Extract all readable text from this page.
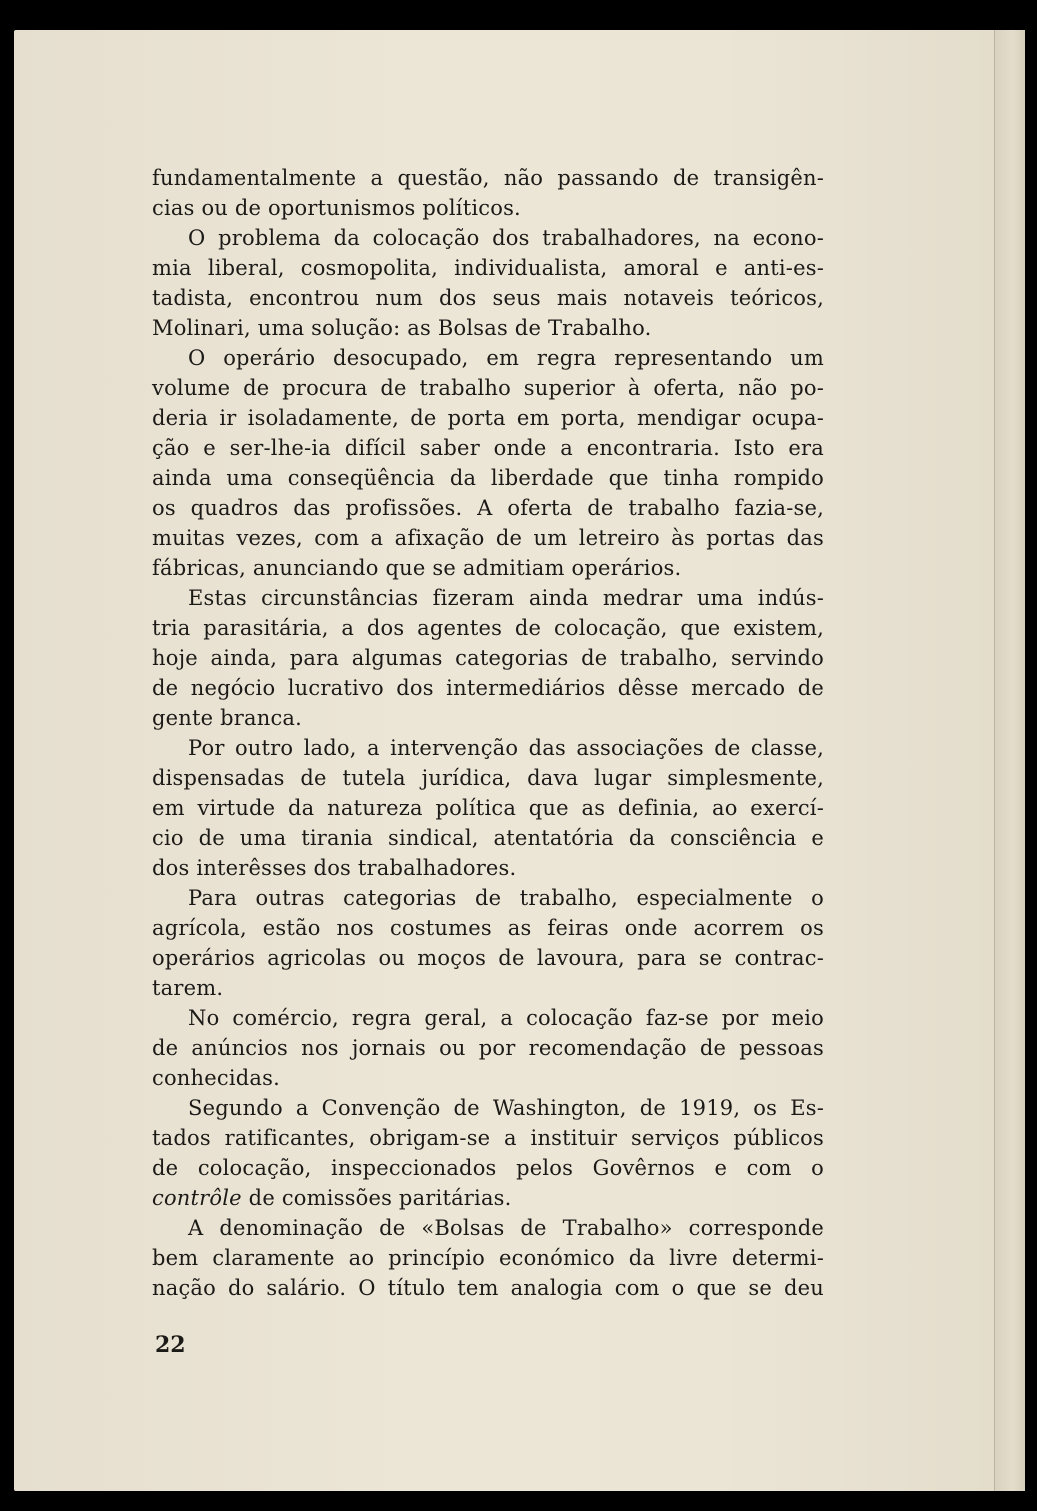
fundamentalmente a questão, não passando de transigên-
cias ou de oportunismos políticos.
O problema da colocação dos trabalhadores, na econo-
mia liberal, cosmopolita, individualista, amoral e anti-es-
tadista, encontrou num dos seus mais notaveis teóricos,
Molinari, uma solução: as Bolsas de Trabalho.
O operário desocupado, em regra representando um
volume de procura de trabalho superior à oferta, não po-
deria ir isoladamente, de porta em porta, mendigar ocupa-
ção e ser-lhe-ia difícil saber onde a encontraria. Isto era
ainda uma conseqüência da liberdade que tinha rompido
os quadros das profissões. A oferta de trabalho fazia-se,
muitas vezes, com a afixação de um letreiro às portas das
fábricas, anunciando que se admitiam operários.
Estas circunstâncias fizeram ainda medrar uma indús-
tria parasitária, a dos agentes de colocação, que existem,
hoje ainda, para algumas categorias de trabalho, servindo
de negócio lucrativo dos intermediários dêsse mercado de
gente branca.
Por outro lado, a intervenção das associações de classe,
dispensadas de tutela jurídica, dava lugar simplesmente,
em virtude da natureza política que as definia, ao exercí-
cio de uma tirania sindical, atentatória da consciência e
dos interêsses dos trabalhadores.
Para outras categorias de trabalho, especialmente o
agrícola, estão nos costumes as feiras onde acorrem os
operários agricolas ou moços de lavoura, para se contrac-
tarem.
No comércio, regra geral, a colocação faz-se por meio
de anúncios nos jornais ou por recomendação de pessoas
conhecidas.
Segundo a Convenção de Washington, de 1919, os Es-
tados ratificantes, obrigam-se a instituir serviços públicos
de colocação, inspeccionados pelos Govêrnos e com o
contrôle de comissões paritárias.
A denominação de «Bolsas de Trabalho» corresponde
bem claramente ao princípio económico da livre determi-
nação do salário. O título tem analogia com o que se deu
22
